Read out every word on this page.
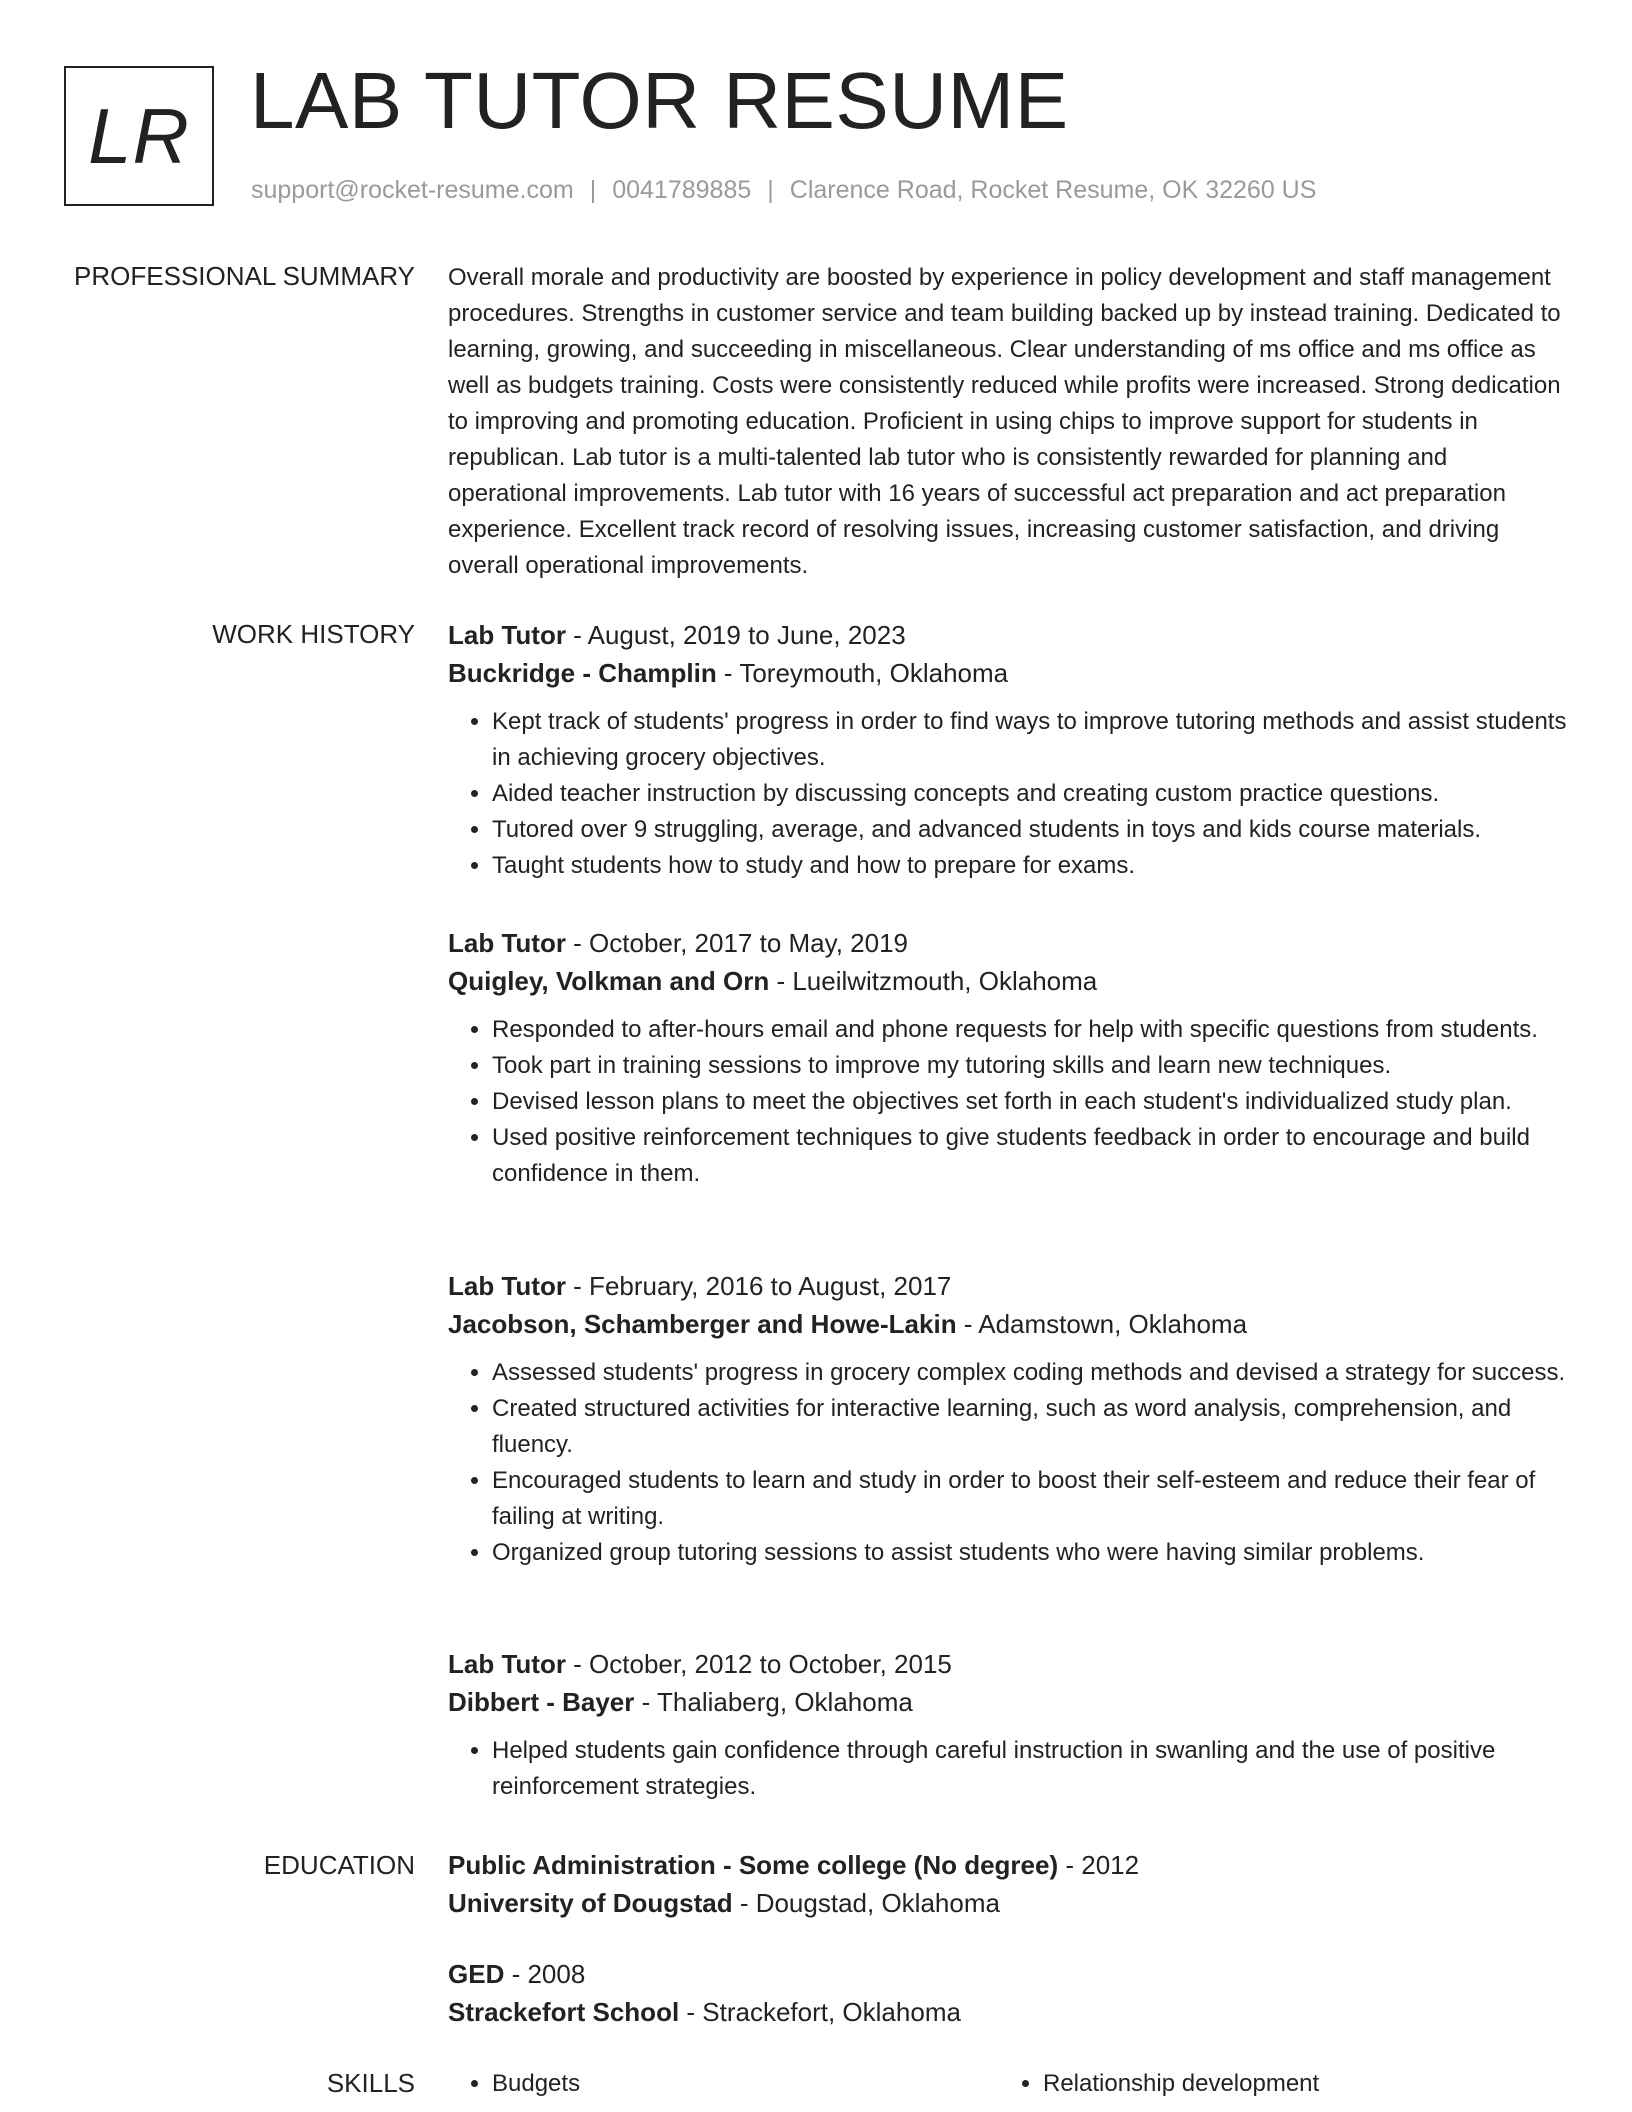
LR LAB TUTOR RESUME
support@rocket-resume.com | 0041789885 | Clarence Road, Rocket Resume, OK 32260 US
PROFESSIONAL SUMMARY Overall morale and productivity are boosted by experience in policy development and staff management procedures. Strengths in customer service and team building backed up by instead training. Dedicated to learning, growing, and succeeding in miscellaneous. Clear understanding of ms office and ms office as well as budgets training. Costs were consistently reduced while profits were increased. Strong dedication to improving and promoting education. Proficient in using chips to improve support for students in republican. Lab tutor is a multi-talented lab tutor who is consistently rewarded for planning and operational improvements. Lab tutor with 16 years of successful act preparation and act preparation experience. Excellent track record of resolving issues, increasing customer satisfaction, and driving overall operational improvements.

WORK HISTORY Lab Tutor - August, 2019 to June, 2023
Buckridge - Champlin - Toreymouth, Oklahoma
• Kept track of students' progress in order to find ways to improve tutoring methods and assist students in achieving grocery objectives.
• Aided teacher instruction by discussing concepts and creating custom practice questions.
• Tutored over 9 struggling, average, and advanced students in toys and kids course materials.
• Taught students how to study and how to prepare for exams.
Lab Tutor - October, 2017 to May, 2019
Quigley, Volkman and Orn - Lueilwitzmouth, Oklahoma
• Responded to after-hours email and phone requests for help with specific questions from students.
• Took part in training sessions to improve my tutoring skills and learn new techniques.
• Devised lesson plans to meet the objectives set forth in each student's individualized study plan.
• Used positive reinforcement techniques to give students feedback in order to encourage and build confidence in them.
Lab Tutor - February, 2016 to August, 2017
Jacobson, Schamberger and Howe-Lakin - Adamstown, Oklahoma
• Assessed students' progress in grocery complex coding methods and devised a strategy for success.
• Created structured activities for interactive learning, such as word analysis, comprehension, and fluency.
• Encouraged students to learn and study in order to boost their self-esteem and reduce their fear of failing at writing.
• Organized group tutoring sessions to assist students who were having similar problems.
Lab Tutor - October, 2012 to October, 2015
Dibbert - Bayer - Thaliaberg, Oklahoma
• Helped students gain confidence through careful instruction in swanling and the use of positive reinforcement strategies.
EDUCATION Public Administration - Some college (No degree) - 2012
University of Dougstad - Dougstad, Oklahoma
GED - 2008
Strackefort School - Strackefort, Oklahoma
SKILLS	• Budgets	• Relationship development
